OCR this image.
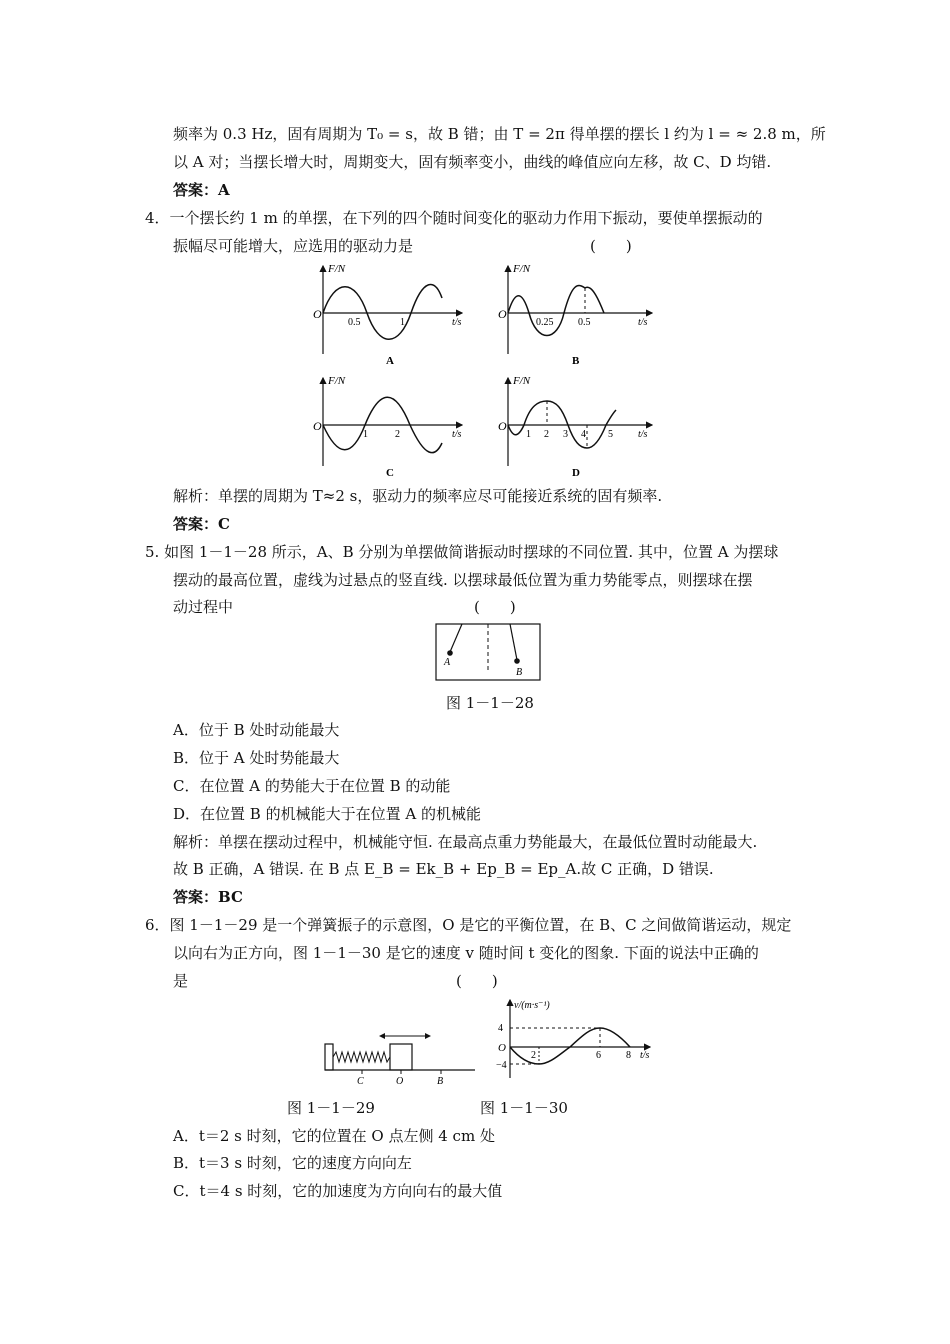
频率为 0.3 Hz，固有周期为 T₀ = s，故 B 错；由 T = 2π 得单摆的摆长 l 约为 l = ≈ 2.8 m，所
以 A 对；当摆长增大时，周期变大，固有频率变小，曲线的峰值应向左移，故 C、D 均错.
答案：A
4．一个摆长约 1 m 的单摆，在下列的四个随时间变化的驱动力作用下振动，要使单摆振动的
振幅尽可能增大，应选用的驱动力是	(　　)
F/N
O
0.5	1	t/s
A
F/N
O
0.25 0.5	t/s
B
F/N
O
1	2	t/s
C
F/N
O
1 2 3 4 5	t/s
D
解析：单摆的周期为 T≈2 s，驱动力的频率应尽可能接近系统的固有频率.
答案：C
5. 如图 1－1－28 所示，A、B 分别为单摆做简谐振动时摆球的不同位置. 其中，位置 A 为摆球
摆动的最高位置，虚线为过悬点的竖直线. 以摆球最低位置为重力势能零点，则摆球在摆
动过程中	(　　)
A
B
图 1－1－28
A．位于 B 处时动能最大
B．位于 A 处时势能最大
C．在位置 A 的势能大于在位置 B 的动能
D．在位置 B 的机械能大于在位置 A 的机械能
解析：单摆在摆动过程中，机械能守恒. 在最高点重力势能最大，在最低位置时动能最大.
故 B 正确，A 错误. 在 B 点 E_B = Ek_B + Ep_B = Ep_A.故 C 正确，D 错误.
答案：BC
6．图 1－1－29 是一个弹簧振子的示意图，O 是它的平衡位置，在 B、C 之间做简谐运动，规定
以向右为正方向，图 1－1－30 是它的速度 v 随时间 t 变化的图象. 下面的说法中正确的
是	(　　)
C	O	B
图 1－1－29
v/(m·s⁻¹)
4
−4
O
2	6	8 t/s
图 1－1－30
A．t＝2 s 时刻，它的位置在 O 点左侧 4 cm 处
B．t＝3 s 时刻，它的速度方向向左
C．t＝4 s 时刻，它的加速度为方向向右的最大值
